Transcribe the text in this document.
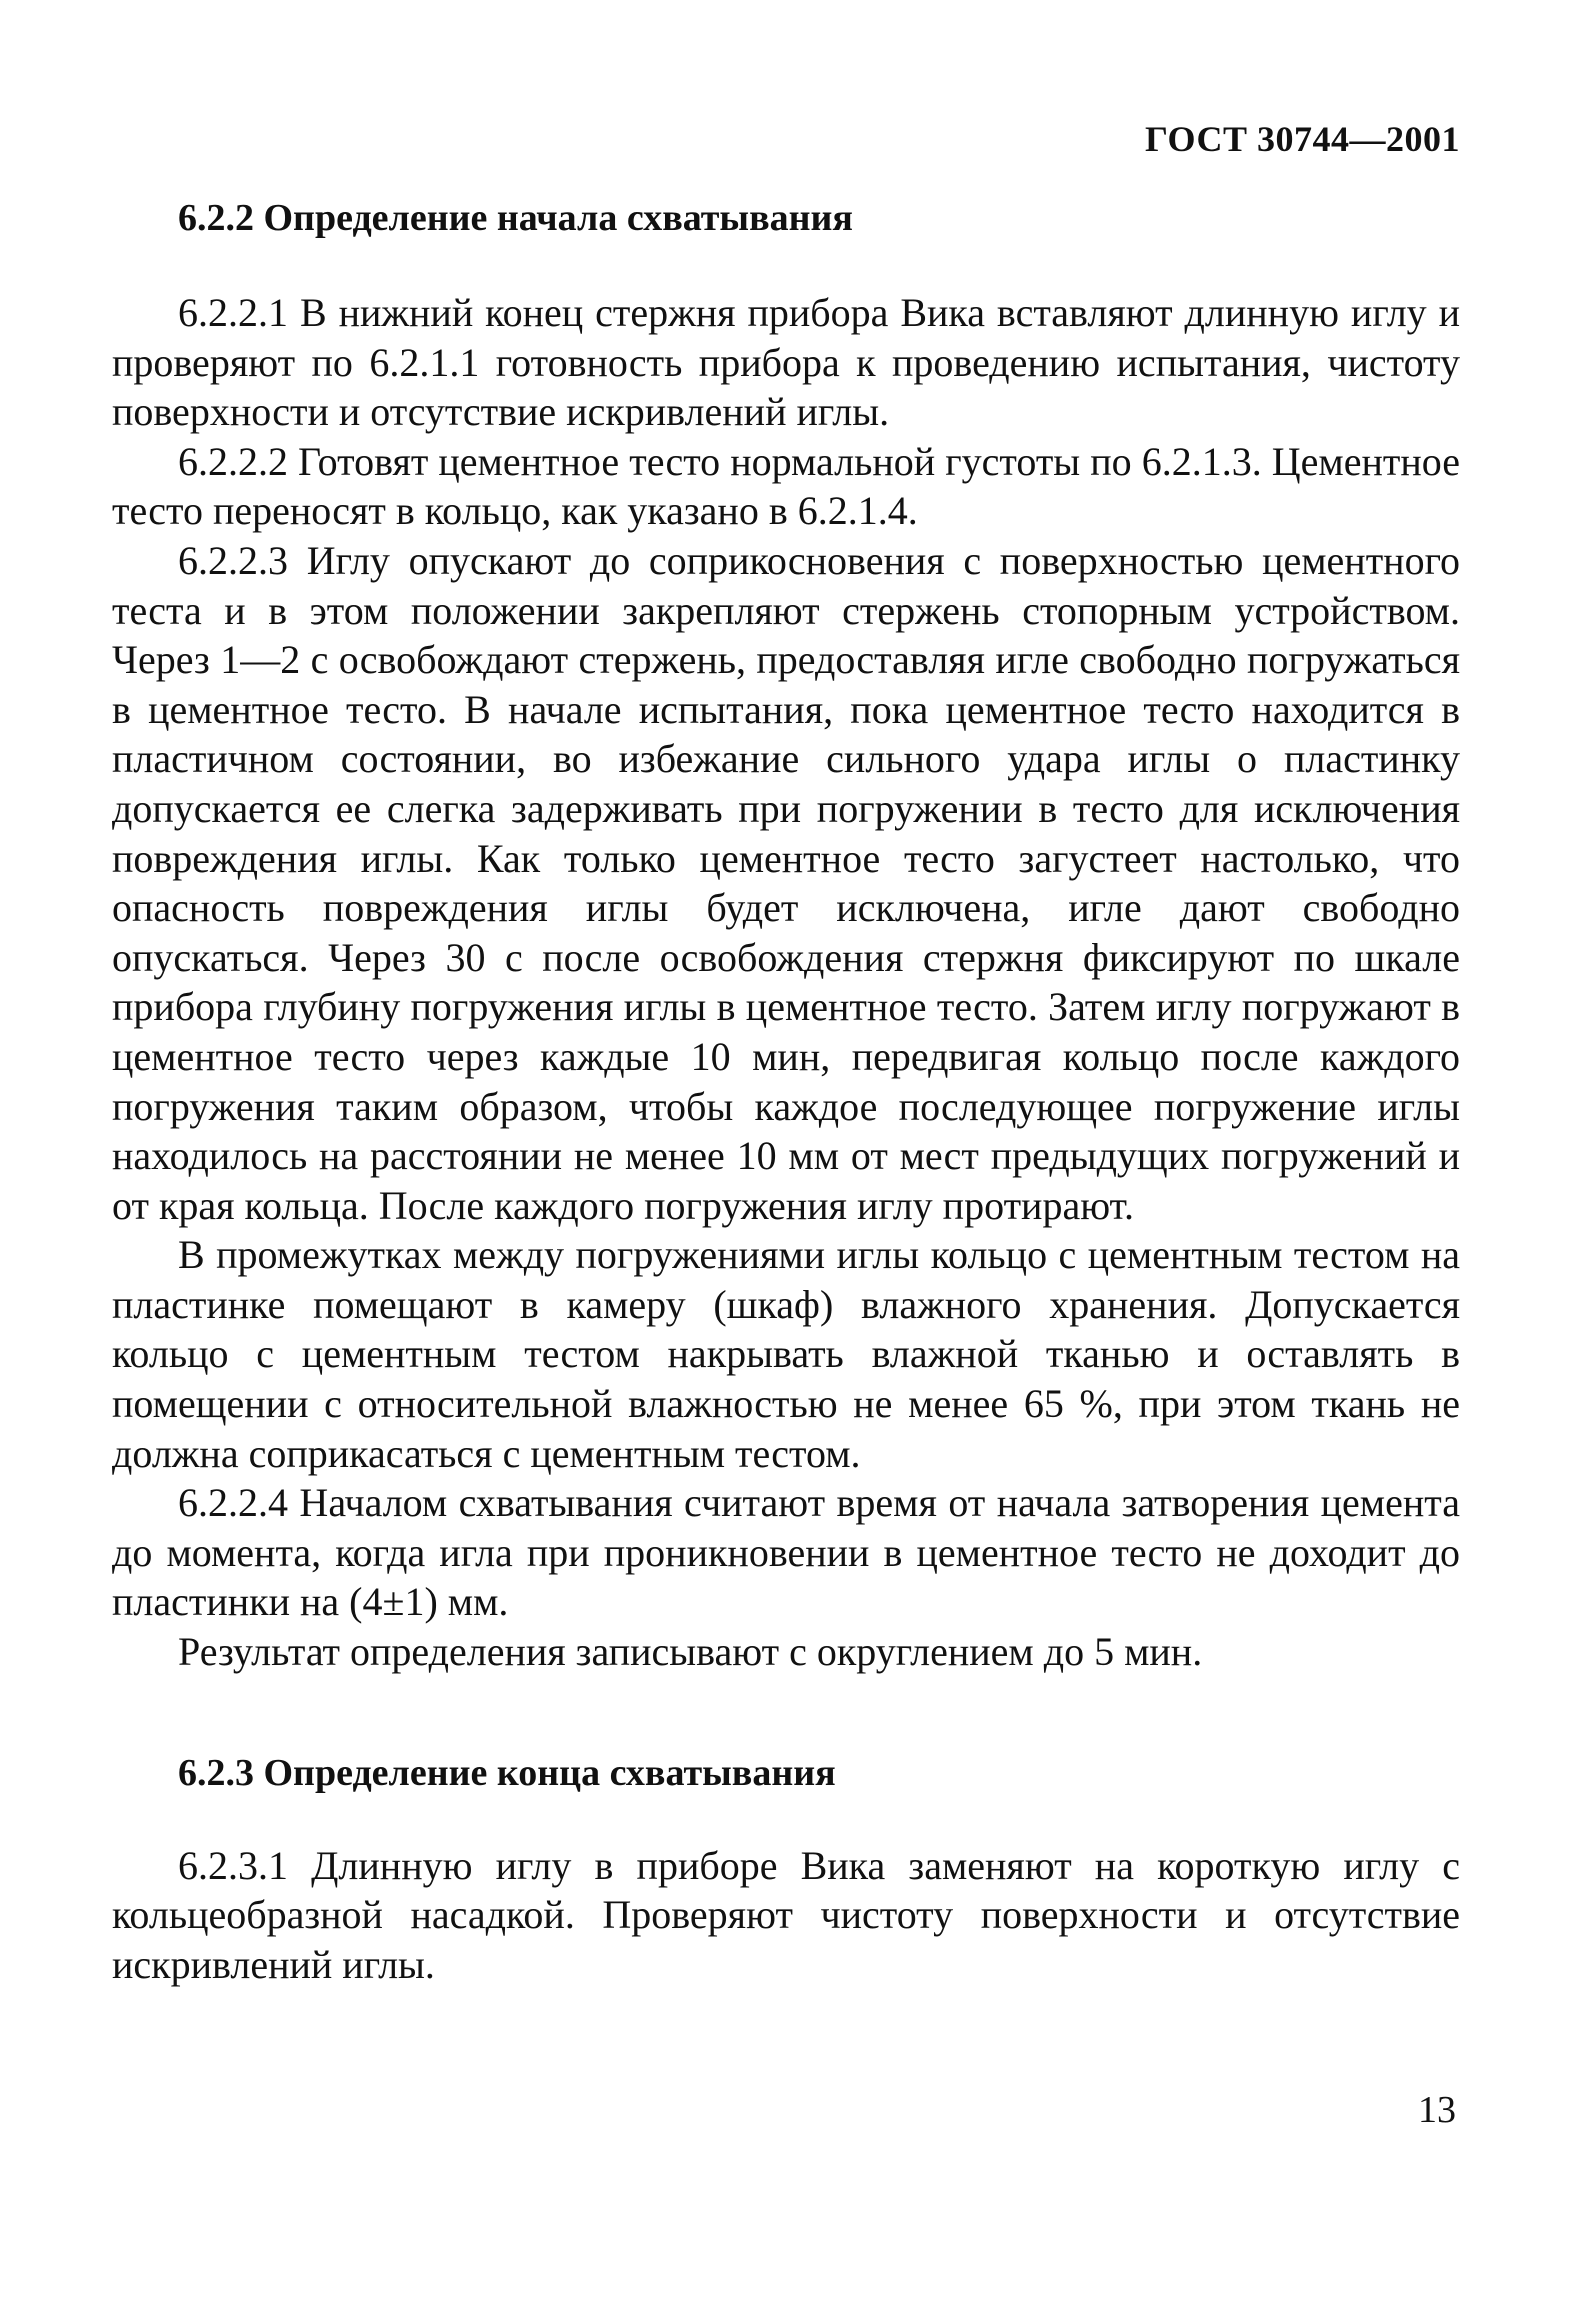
ГОСТ 30744—2001
6.2.2 Определение начала схватывания

6.2.2.1 В нижний конец стержня прибора Вика вставляют длинную иглу и проверяют по 6.2.1.1 готовность прибора к проведению испытания, чистоту поверхности и отсутствие искривлений иглы.

6.2.2.2 Готовят цементное тесто нормальной густоты по 6.2.1.3. Цементное тесто переносят в кольцо, как указано в 6.2.1.4.

6.2.2.3 Иглу опускают до соприкосновения с поверхностью цементного теста и в этом положении закрепляют стержень стопорным устройством. Через 1—2 с освобождают стержень, предоставляя игле свободно погружаться в цементное тесто. В начале испытания, пока цементное тесто находится в пластичном состоянии, во избежание сильного удара иглы о пластинку допускается ее слегка задерживать при погружении в тесто для исключения повреждения иглы. Как только цементное тесто загустеет настолько, что опасность повреждения иглы будет исключена, игле дают свободно опускаться. Через 30 с после освобождения стержня фиксируют по шкале прибора глубину погружения иглы в цементное тесто. Затем иглу погружают в цементное тесто через каждые 10 мин, передвигая кольцо после каждого погружения таким образом, чтобы каждое последующее погружение иглы находилось на расстоянии не менее 10 мм от мест предыдущих погружений и от края кольца. После каждого погружения иглу протирают.

В промежутках между погружениями иглы кольцо с цементным тестом на пластинке помещают в камеру (шкаф) влажного хранения. Допускается кольцо с цементным тестом накрывать влажной тканью и оставлять в помещении с относительной влажностью не менее 65 %, при этом ткань не должна соприкасаться с цементным тестом.

6.2.2.4 Началом схватывания считают время от начала затворения цемента до момента, когда игла при проникновении в цементное тесто не доходит до пластинки на (4±1) мм.

Результат определения записывают с округлением до 5 мин.

6.2.3 Определение конца схватывания

6.2.3.1 Длинную иглу в приборе Вика заменяют на короткую иглу с кольцеобразной насадкой. Проверяют чистоту поверхности и отсутствие искривлений иглы.

13
